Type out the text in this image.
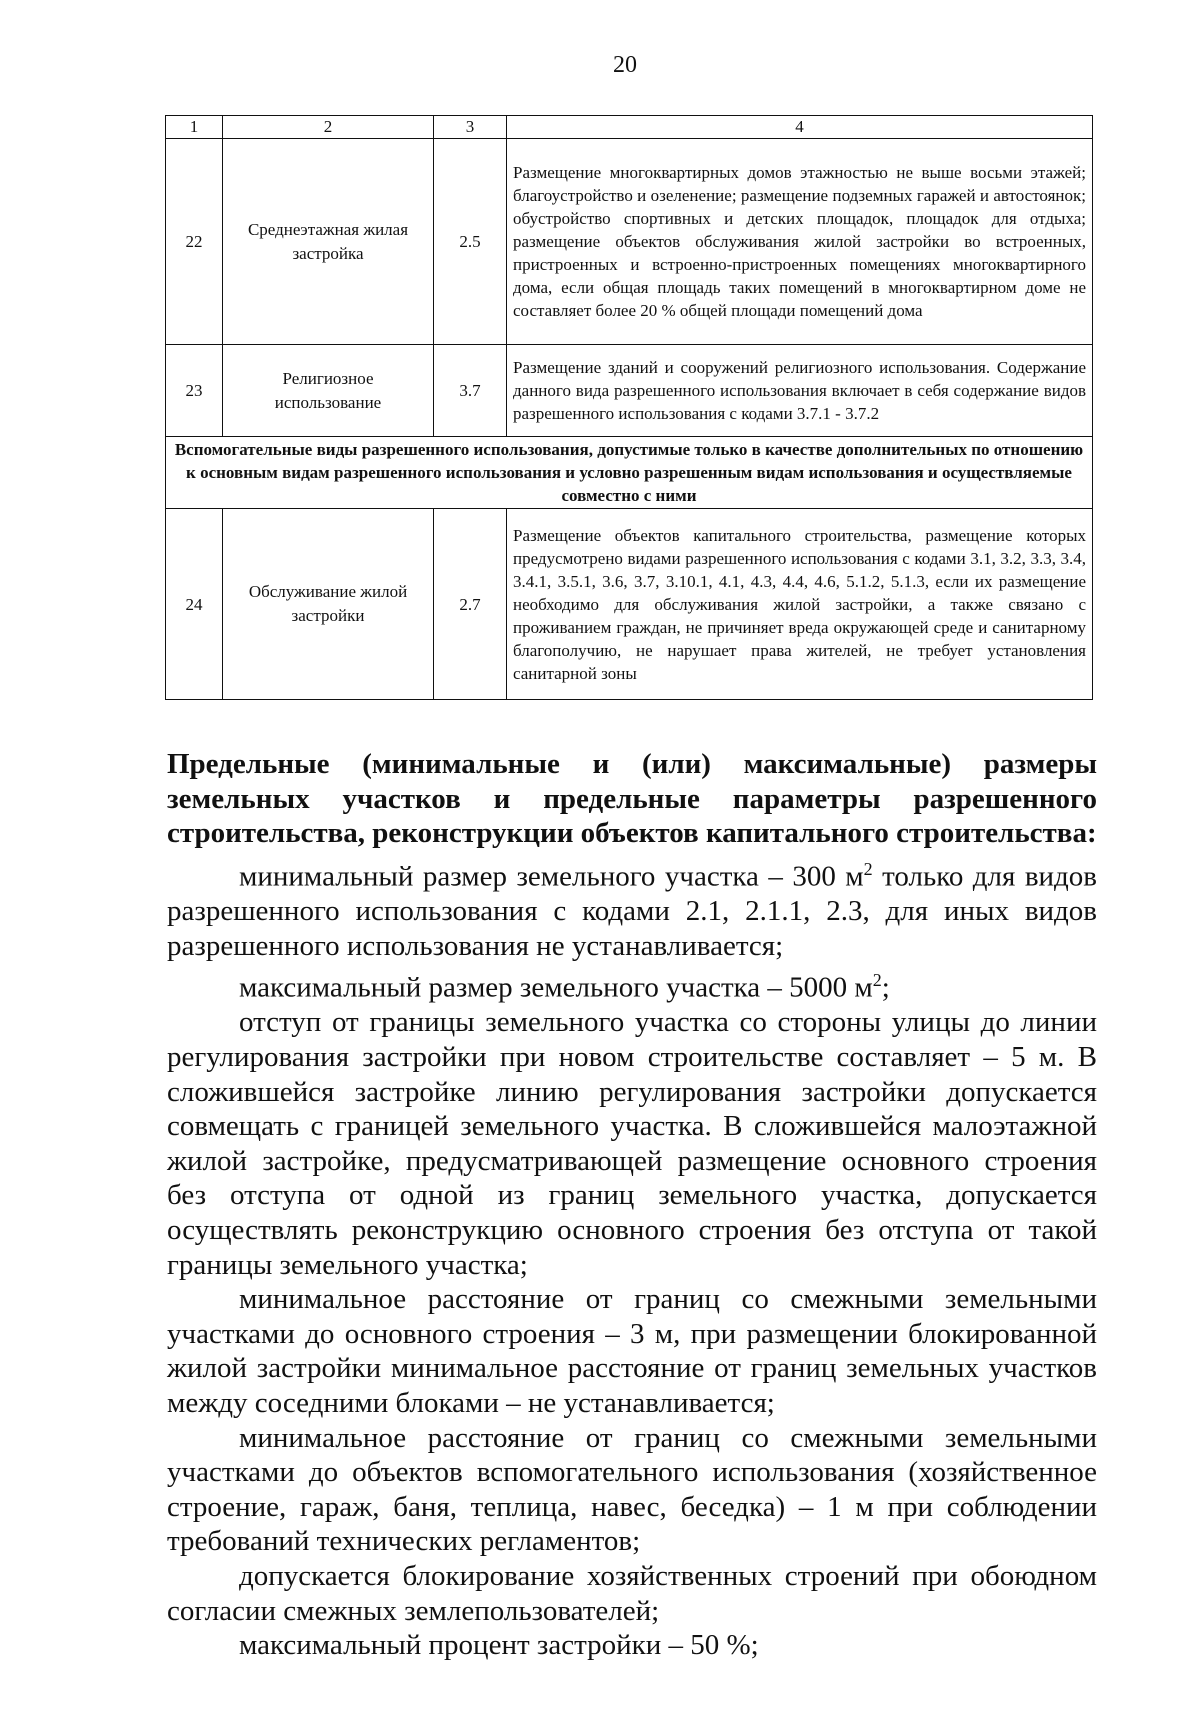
20
1	2	3	4
22	Среднеэтажная жилая застройка	2.5	Размещение многоквартирных домов этажностью не выше восьми этажей; благоустройство и озеленение; размещение подземных гаражей и автостоянок; обустройство спортивных и детских площадок, площадок для отдыха; размещение объектов обслуживания жилой застройки во встроенных, пристроенных и встроенно-пристроенных помещениях многоквартирного дома, если общая площадь таких помещений в многоквартирном доме не составляет более 20 % общей площади помещений дома
23	Религиозное использование	3.7	Размещение зданий и сооружений религиозного использования. Содержание данного вида разрешенного использования включает в себя содержание видов разрешенного использования с кодами 3.7.1 - 3.7.2
Вспомогательные виды разрешенного использования, допустимые только в качестве дополнительных по отношению к основным видам разрешенного использования и условно разрешенным видам использования и осуществляемые совместно с ними			
24	Обслуживание жилой застройки	2.7	Размещение объектов капитального строительства, размещение которых предусмотрено видами разрешенного использования с кодами 3.1, 3.2, 3.3, 3.4, 3.4.1, 3.5.1, 3.6, 3.7, 3.10.1, 4.1, 4.3, 4.4, 4.6, 5.1.2, 5.1.3, если их размещение необходимо для обслуживания жилой застройки, а также связано с проживанием граждан, не причиняет вреда окружающей среде и санитарному благополучию, не нарушает права жителей, не требует установления санитарной зоны
Предельные (минимальные и (или) максимальные) размеры земельных участков и предельные параметры разрешенного строительства, реконструкции объектов капитального строительства:

минимальный размер земельного участка – 300 $м^2$ только для видов разрешенного использования с кодами 2.1, 2.1.1, 2.3, для иных видов разрешенного использования не устанавливается;

максимальный размер земельного участка – 5000 $м^2$;

отступ от границы земельного участка со стороны улицы до линии регулирования застройки при новом строительстве составляет – 5 м. В сложившейся застройке линию регулирования застройки допускается совмещать с границей земельного участка. В сложившейся малоэтажной жилой застройке, предусматривающей размещение основного строения без отступа от одной из границ земельного участка, допускается осуществлять реконструкцию основного строения без отступа от такой границы земельного участка;

минимальное расстояние от границ со смежными земельными участками до основного строения – 3 м, при размещении блокированной жилой застройки минимальное расстояние от границ земельных участков между соседними блоками – не устанавливается;

минимальное расстояние от границ со смежными земельными участками до объектов вспомогательного использования (хозяйственное строение, гараж, баня, теплица, навес, беседка) – 1 м при соблюдении требований технических регламентов;

допускается блокирование хозяйственных строений при обоюдном согласии смежных землепользователей;

максимальный процент застройки – 50 %;
